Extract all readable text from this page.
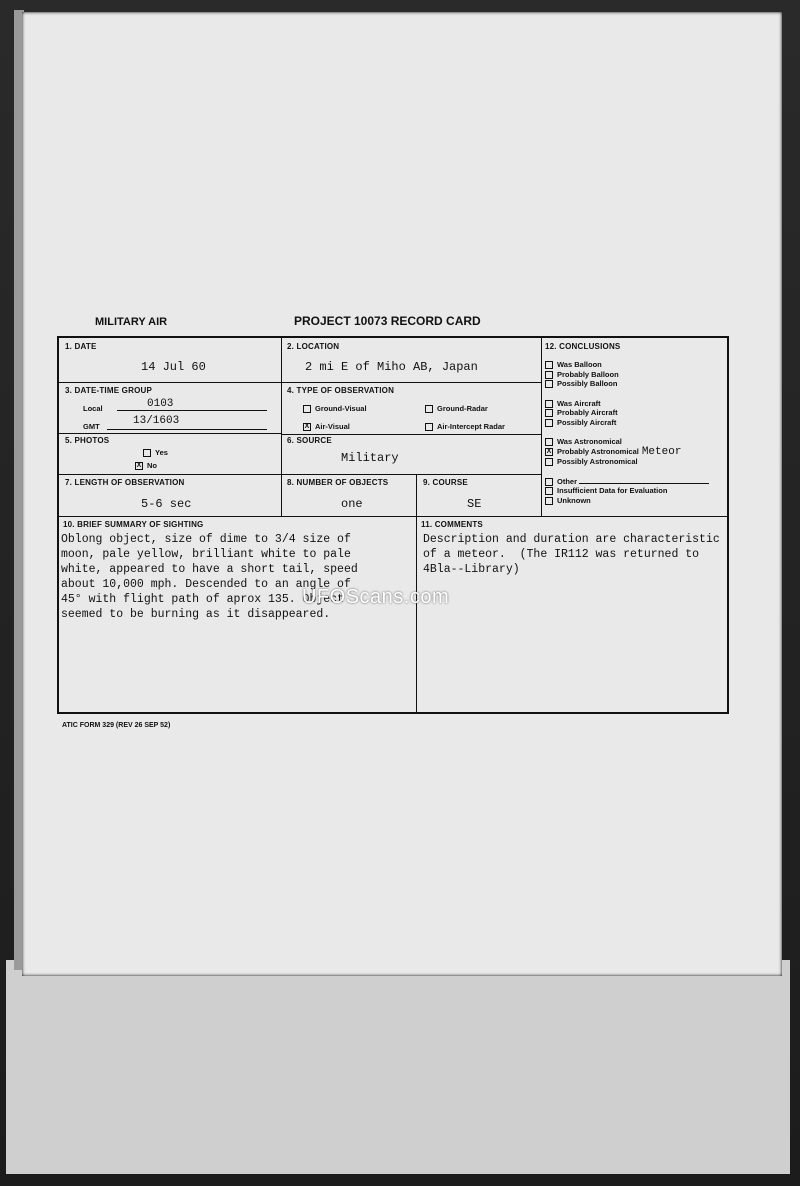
MILITARY AIR	PROJECT 10073 RECORD CARD
1. DATE
14 Jul 60
2. LOCATION
2 mi E of Miho AB, Japan
3. DATE-TIME GROUP
Local	0103
GMT	13/1603
4. TYPE OF OBSERVATION
Ground-Visual	Ground-Radar
X Air-Visual	Air-Intercept Radar
5. PHOTOS
Yes
X No
6. SOURCE
Military
7. LENGTH OF OBSERVATION
5-6 sec
8. NUMBER OF OBJECTS
one
9. COURSE
SE
12. CONCLUSIONS
Was Balloon
Probably Balloon
Possibly Balloon
Was Aircraft
Probably Aircraft
Possibly Aircraft
Was Astronomical
X Probably Astronomical Meteor
Possibly Astronomical
Other
Insufficient Data for Evaluation
Unknown
10. BRIEF SUMMARY OF SIGHTING
Oblong object, size of dime to 3/4 size of
moon, pale yellow, brilliant white to pale
white, appeared to have a short tail, speed
about 10,000 mph. Descended to an angle of
45° with flight path of aprox 135. Object
seemed to be burning as it disappeared.
11. COMMENTS
Description and duration are characteristic
of a meteor.  (The IR112 was returned to
4Bla--Library)
UFOScans.com
ATIC FORM 329 (REV 26 SEP 52)
